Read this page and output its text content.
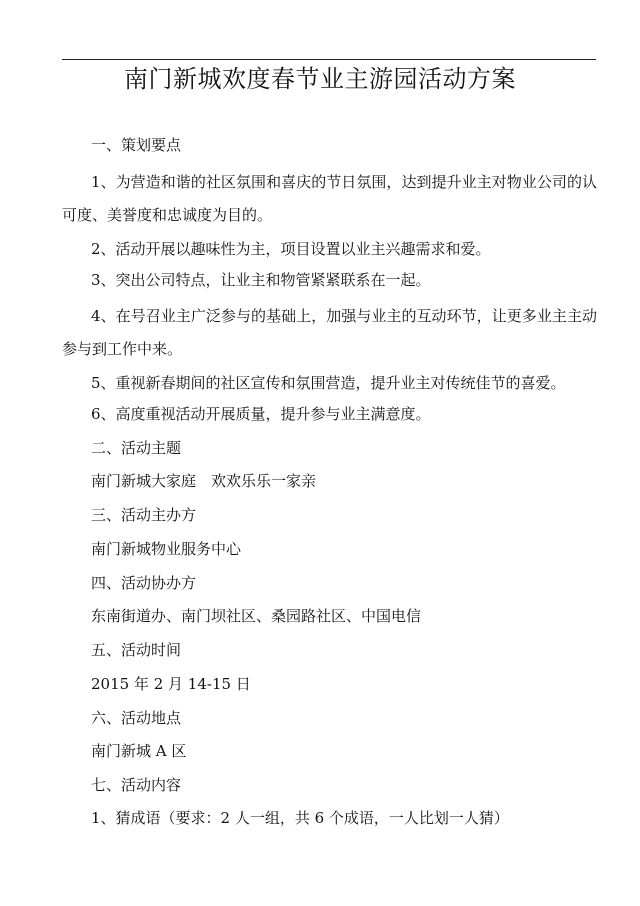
南门新城欢度春节业主游园活动方案
一、策划要点
1、为营造和谐的社区氛围和喜庆的节日氛围，达到提升业主对物业公司的认可度、美誉度和忠诚度为目的。
2、活动开展以趣味性为主，项目设置以业主兴趣需求和爱。
3、突出公司特点，让业主和物管紧紧联系在一起。
4、在号召业主广泛参与的基础上，加强与业主的互动环节，让更多业主主动参与到工作中来。
5、重视新春期间的社区宣传和氛围营造，提升业主对传统佳节的喜爱。
6、高度重视活动开展质量，提升参与业主满意度。
二、活动主题
南门新城大家庭　欢欢乐乐一家亲
三、活动主办方
南门新城物业服务中心
四、活动协办方
东南街道办、南门坝社区、桑园路社区、中国电信
五、活动时间
2015 年 2 月 14-15 日
六、活动地点
南门新城 A 区
七、活动内容
1、猜成语（要求：2 人一组，共 6 个成语，一人比划一人猜）
